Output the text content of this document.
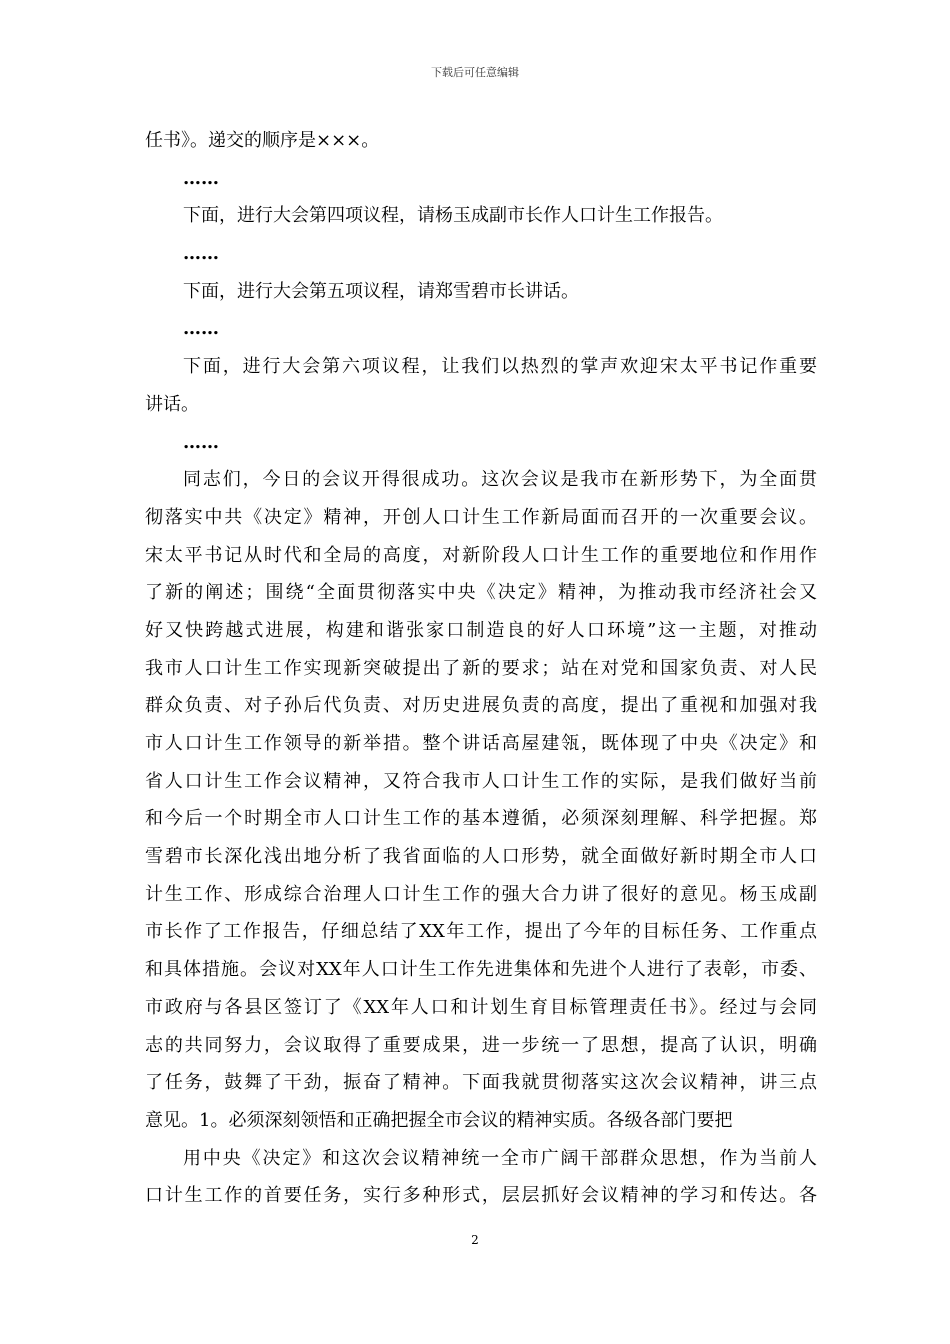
下载后可任意编辑
任书》。递交的顺序是×××。
……
下面，进行大会第四项议程，请杨玉成副市长作人口计生工作报告。
……
下面，进行大会第五项议程，请郑雪碧市长讲话。
……
下面，进行大会第六项议程，让我们以热烈的掌声欢迎宋太平书记作重要
讲话。
……
同志们，今日的会议开得很成功。这次会议是我市在新形势下，为全面贯
彻落实中共《决定》精神，开创人口计生工作新局面而召开的一次重要会议。
宋太平书记从时代和全局的高度，对新阶段人口计生工作的重要地位和作用作
了新的阐述；围绕“全面贯彻落实中央《决定》精神，为推动我市经济社会又
好又快跨越式进展，构建和谐张家口制造良的好人口环境”这一主题，对推动
我市人口计生工作实现新突破提出了新的要求；站在对党和国家负责、对人民
群众负责、对子孙后代负责、对历史进展负责的高度，提出了重视和加强对我
市人口计生工作领导的新举措。整个讲话高屋建瓴，既体现了中央《决定》和
省人口计生工作会议精神，又符合我市人口计生工作的实际，是我们做好当前
和今后一个时期全市人口计生工作的基本遵循，必须深刻理解、科学把握。郑
雪碧市长深化浅出地分析了我省面临的人口形势，就全面做好新时期全市人口
计生工作、形成综合治理人口计生工作的强大合力讲了很好的意见。杨玉成副
市长作了工作报告，仔细总结了XX年工作，提出了今年的目标任务、工作重点
和具体措施。会议对XX年人口计生工作先进集体和先进个人进行了表彰，市委、
市政府与各县区签订了《XX年人口和计划生育目标管理责任书》。经过与会同
志的共同努力，会议取得了重要成果，进一步统一了思想，提高了认识，明确
了任务，鼓舞了干劲，振奋了精神。下面我就贯彻落实这次会议精神，讲三点
意见。1。必须深刻领悟和正确把握全市会议的精神实质。各级各部门要把
用中央《决定》和这次会议精神统一全市广阔干部群众思想，作为当前人
口计生工作的首要任务，实行多种形式，层层抓好会议精神的学习和传达。各
2
